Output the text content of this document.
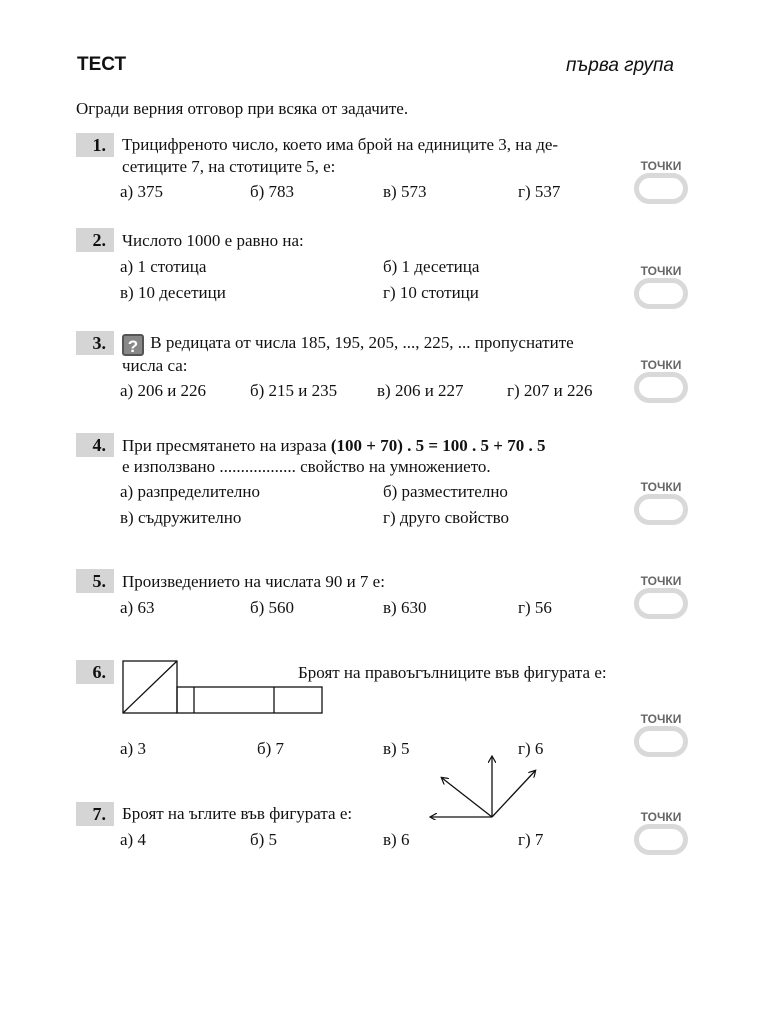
ТЕСТ	първа група
Огради верния отговор при всяка от задачите.
1. Трицифреното число, което има брой на единиците 3, на де-
сетиците 7, на стотиците 5, е:
а) 375	б) 783	в) 573	г) 537
ТОЧКИ
2. Числото 1000 е равно на:
а) 1 стотица	б) 1 десетица
в) 10 десетици	г) 10 стотици
ТОЧКИ
3.	? В редицата от числа 185, 195, 205, ..., 225, ... пропуснатите
числа са:
а) 206 и 226	б) 215 и 235 в) 206 и 227	г) 207 и 226
ТОЧКИ
4. При пресмятането на израза (100 + 70) . 5 = 100 . 5 + 70 . 5
е използвано .................. свойство на умножението.
а) разпределително	б) разместително
в) съдружително	г) друго свойство
ТОЧКИ
5. Произведението на числата 90 и 7 е:
а) 63	б) 560	в) 630	г) 56
ТОЧКИ
6.	Броят на правоъгълниците във фигурата е:
а) 3	б) 7	в) 5	г) 6
ТОЧКИ
7. Броят на ъглите във фигурата е:
а) 4	б) 5	в) 6	г) 7
ТОЧКИ
